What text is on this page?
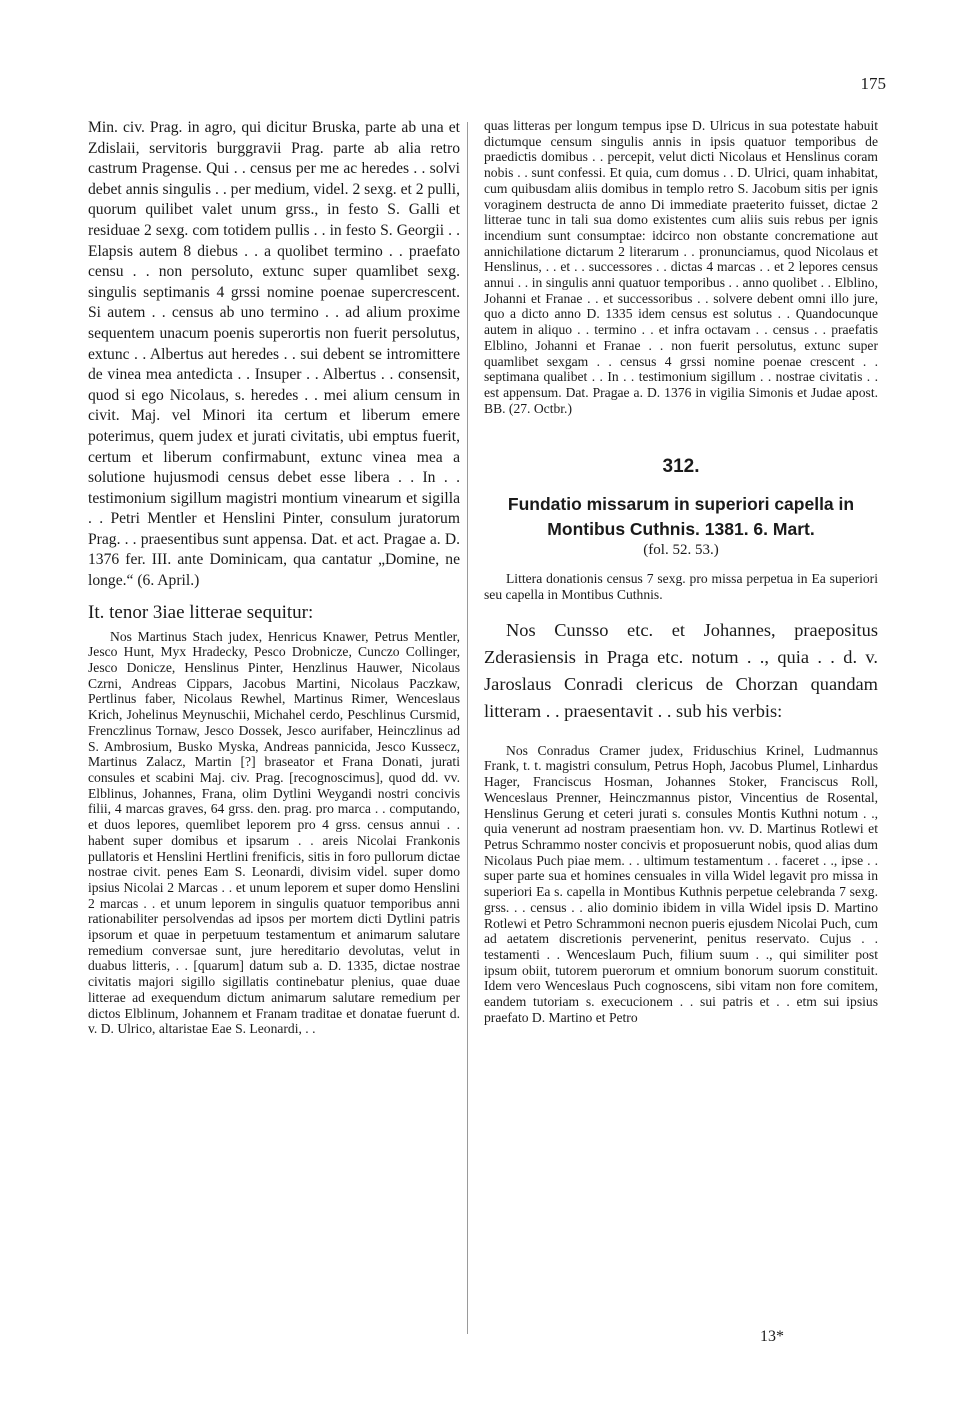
175

Min. civ. Prag. in agro, qui dicitur Bruska, parte ab una et Zdislaii, servitoris burggravii Prag. parte ab alia retro castrum Pragense. Qui . . census per me ac heredes . . solvi debet annis singulis . . per medium, videl. 2 sexg. et 2 pulli, quorum quilibet valet unum grss., in festo S. Galli et residuae 2 sexg. com totidem pullis . . in festo S. Georgii . . Elapsis autem 8 diebus . . a quolibet termino . . praefato censu . . non persoluto, extunc super quamlibet sexg. singulis septimanis 4 grssi nomine poenae supercrescent. Si autem . . census ab uno termino . . ad alium proxime sequentem unacum poenis superortis non fuerit persolutus, extunc . . Albertus aut heredes . . sui debent se intromittere de vinea mea antedicta . . Insuper . . Albertus . . consensit, quod si ego Nicolaus, s. heredes . . mei alium censum in civit. Maj. vel Minori ita certum et liberum emere poterimus, quem judex et jurati civitatis, ubi emptus fuerit, certum et liberum confirmabunt, extunc vinea mea a solutione hujusmodi census debet esse libera . . In . . testimonium sigillum magistri montium vinearum et sigilla . . Petri Mentler et Henslini Pinter, consulum juratorum Prag. . . praesentibus sunt appensa. Dat. et act. Pragae a. D. 1376 fer. III. ante Dominicam, qua cantatur „Domine, ne longe.“ (6. April.)

It. tenor 3iae litterae sequitur:

Nos Martinus Stach judex, Henricus Knawer, Petrus Mentler, Jesco Hunt, Myx Hradecky, Pesco Drobnicze, Cunczo Collinger, Jesco Donicze, Henslinus Pinter, Henzlinus Hauwer, Nicolaus Czrni, Andreas Cippars, Jacobus Martini, Nicolaus Paczkaw, Pertlinus faber, Nicolaus Rewhel, Martinus Rimer, Wenceslaus Krich, Johelinus Meynuschii, Michahel cerdo, Peschlinus Cursmid, Frenczlinus Tornaw, Jesco Dossek, Jesco aurifaber, Heinczlinus ad S. Ambrosium, Busko Myska, Andreas pannicida, Jesco Kussecz, Martinus Zalacz, Martin [?] braseator et Frana Donati, jurati consules et scabini Maj. civ. Prag. [recognoscimus], quod dd. vv. Elblinus, Johannes, Frana, olim Dytlini Weygandi nostri concivis filii, 4 marcas graves, 64 grss. den. prag. pro marca . . computando, et duos lepores, quemlibet leporem pro 4 grss. census annui . . habent super domibus et ipsarum . . areis Nicolai Frankonis pullatoris et Henslini Hertlini frenificis, sitis in foro pullorum dictae nostrae civit. penes Eam S. Leonardi, divisim videl. super domo ipsius Nicolai 2 Marcas . . et unum leporem et super domo Henslini 2 marcas . . et unum leporem in singulis quatuor temporibus anni rationabiliter persolvendas ad ipsos per mortem dicti Dytlini patris ipsorum et quae in perpetuum testamentum et animarum salutare remedium conversae sunt, jure hereditario devolutas, velut in duabus litteris, . . [quarum] datum sub a. D. 1335, dictae nostrae civitatis majori sigillo sigillatis continebatur plenius, quae duae litterae ad exequendum dictum animarum salutare remedium per dictos Elblinum, Johannem et Franam traditae et donatae fuerunt d. v. D. Ulrico, altaristae Eae S. Leonardi, . .

quas litteras per longum tempus ipse D. Ulricus in sua potestate habuit dictumque censum singulis annis in ipsis quatuor temporibus de praedictis domibus . . percepit, velut dicti Nicolaus et Henslinus coram nobis . . sunt confessi. Et quia, cum domus . . D. Ulrici, quam inhabitat, cum quibusdam aliis domibus in templo retro S. Jacobum sitis per ignis voraginem destructa de anno Di immediate praeterito fuisset, dictae 2 litterae tunc in tali sua domo existentes cum aliis suis rebus per ignis incendium sunt consumptae: idcirco non obstante concrematione aut annichilatione dictarum 2 literarum . . pronunciamus, quod Nicolaus et Henslinus, . . et . . successores . . dictas 4 marcas . . et 2 lepores census annui . . in singulis anni quatuor temporibus . . anno quolibet . . Elblino, Johanni et Franae . . et successoribus . . solvere debent omni illo jure, quo a dicto anno D. 1335 idem census est solutus . . Quandocunque autem in aliquo . . termino . . et infra octavam . . census . . praefatis Elblino, Johanni et Franae . . non fuerit persolutus, extunc super quamlibet sexgam . . census 4 grssi nomine poenae crescent . . septimana qualibet . . In . . testimonium sigillum . . nostrae civitatis . . est appensum. Dat. Pragae a. D. 1376 in vigilia Simonis et Judae apost. BB. (27. Octbr.)

312.

Fundatio missarum in superiori capella in Montibus Cuthnis. 1381. 6. Mart.

(fol. 52. 53.)

Littera donationis census 7 sexg. pro missa perpetua in Ea superiori seu capella in Montibus Cuthnis.

Nos Cunsso etc. et Johannes, praepositus Zderasiensis in Praga etc. notum . ., quia . . d. v. Jaroslaus Conradi clericus de Chorzan quandam litteram . . praesentavit . . sub his verbis:

Nos Conradus Cramer judex, Friduschius Krinel, Ludmannus Frank, t. t. magistri consulum, Petrus Hoph, Jacobus Plumel, Linhardus Hager, Franciscus Hosman, Johannes Stoker, Franciscus Roll, Wenceslaus Prenner, Heinczmannus pistor, Vincentius de Rosental, Henslinus Gerung et ceteri jurati s. consules Montis Kuthni notum . ., quia venerunt ad nostram praesentiam hon. vv. D. Martinus Rotlewi et Petrus Schrammo noster concivis et proposuerunt nobis, quod alias dum Nicolaus Puch piae mem. . . ultimum testamentum . . faceret . ., ipse . . super parte sua et homines censuales in villa Widel legavit pro missa in superiori Ea s. capella in Montibus Kuthnis perpetue celebranda 7 sexg. grss. . . census . . alio dominio ibidem in villa Widel ipsis D. Martino Rotlewi et Petro Schrammoni necnon pueris ejusdem Nicolai Puch, cum ad aetatem discretionis pervenerint, penitus reservato. Cujus . . testamenti . . Wenceslaum Puch, filium suum . ., qui similiter post ipsum obiit, tutorem puerorum et omnium bonorum suorum constituit. Idem vero Wenceslaus Puch cognoscens, sibi vitam non fore comitem, eandem tutoriam s. execucionem . . sui patris et . . etm sui ipsius praefato D. Martino et Petro

13*
